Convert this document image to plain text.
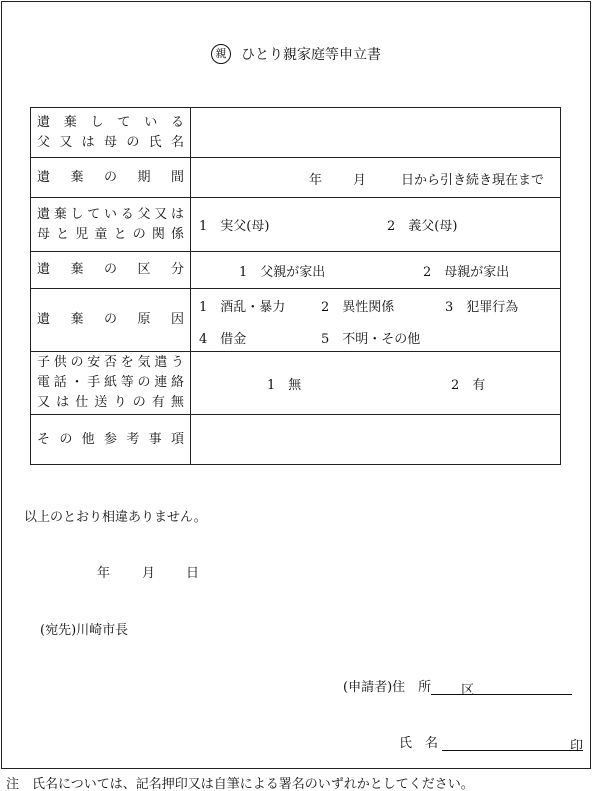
親 ひとり親家庭等申立書
遺棄している
父又は母の氏名	

遺棄の期間	年 月 日から引き続き現在まで

遺棄している父又は
母と児童との関係	1　実父(母) 2　義父(母)

遺棄の区分	1　父親が家出 2　母親が家出

遺棄の原因	1　酒乱・暴力 2　異性関係 3　犯罪行為
4　借金 5　不明・その他

子供の安否を気遣う
電話・手紙等の連絡
又は仕送りの有無	1　無 2　有

その他参考事項	

以上のとおり相違ありません。
年 月 日
(宛先)川崎市長
(申請者)住　所 区
氏　名	印
注　氏名については、記名押印又は自筆による署名のいずれかとしてください。
